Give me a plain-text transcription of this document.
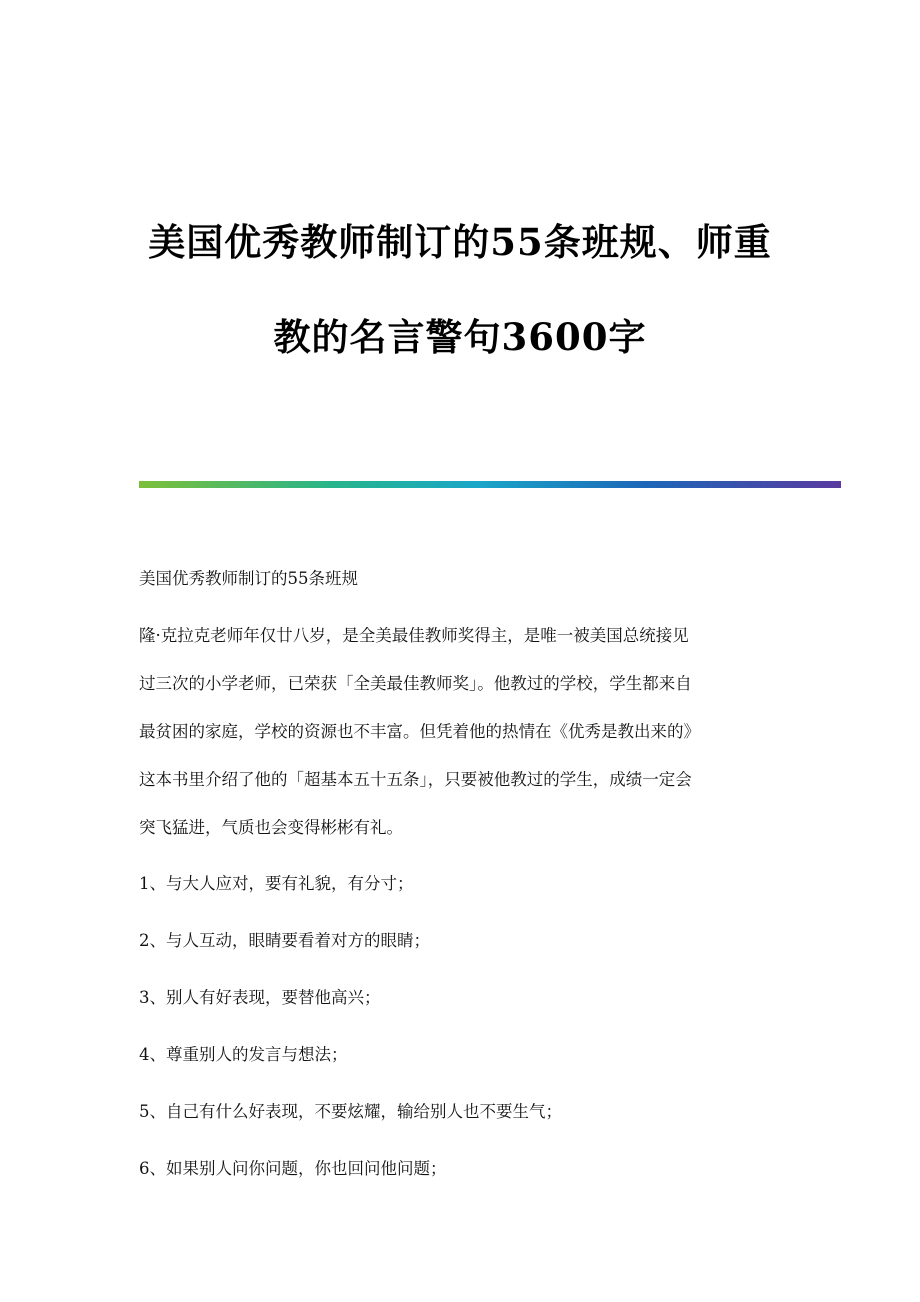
美国优秀教师制订的55条班规、师重
教的名言警句3600字

美国优秀教师制订的55条班规

隆·克拉克老师年仅廿八岁，是全美最佳教师奖得主，是唯一被美国总统接见

过三次的小学老师，已荣获「全美最佳教师奖」。他教过的学校，学生都来自

最贫困的家庭，学校的资源也不丰富。但凭着他的热情在《优秀是教出来的》

这本书里介绍了他的「超基本五十五条」，只要被他教过的学生，成绩一定会

突飞猛进，气质也会变得彬彬有礼。

1、与大人应对，要有礼貌，有分寸；

2、与人互动，眼睛要看着对方的眼睛；

3、别人有好表现，要替他高兴；

4、尊重别人的发言与想法；

5、自己有什么好表现，不要炫耀，输给别人也不要生气；

6、如果别人问你问题，你也回问他问题；
